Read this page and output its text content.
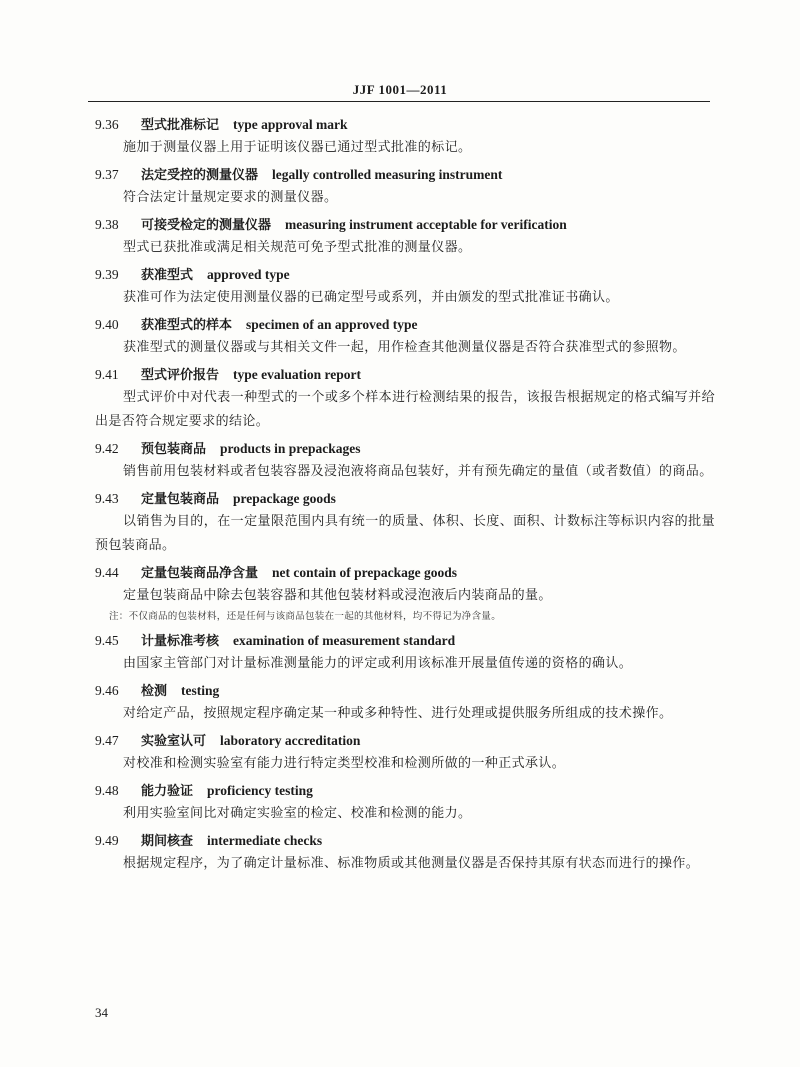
JJF 1001—2011
9.36 型式批准标记 type approval mark
施加于测量仪器上用于证明该仪器已通过型式批准的标记。
9.37 法定受控的测量仪器 legally controlled measuring instrument
符合法定计量规定要求的测量仪器。
9.38 可接受检定的测量仪器 measuring instrument acceptable for verification
型式已获批准或满足相关规范可免予型式批准的测量仪器。
9.39 获准型式 approved type
获准可作为法定使用测量仪器的已确定型号或系列，并由颁发的型式批准证书确认。
9.40 获准型式的样本 specimen of an approved type
获准型式的测量仪器或与其相关文件一起，用作检查其他测量仪器是否符合获准型式的参照物。
9.41 型式评价报告 type evaluation report
型式评价中对代表一种型式的一个或多个样本进行检测结果的报告，该报告根据规定的格式编写并给出是否符合规定要求的结论。
9.42 预包装商品 products in prepackages
销售前用包装材料或者包装容器及浸泡液将商品包装好，并有预先确定的量值（或者数值）的商品。
9.43 定量包装商品 prepackage goods
以销售为目的，在一定量限范围内具有统一的质量、体积、长度、面积、计数标注等标识内容的批量预包装商品。
9.44 定量包装商品净含量 net contain of prepackage goods
定量包装商品中除去包装容器和其他包装材料或浸泡液后内装商品的量。
注：不仅商品的包装材料，还是任何与该商品包装在一起的其他材料，均不得记为净含量。
9.45 计量标准考核 examination of measurement standard
由国家主管部门对计量标准测量能力的评定或利用该标准开展量值传递的资格的确认。
9.46 检测 testing
对给定产品，按照规定程序确定某一种或多种特性、进行处理或提供服务所组成的技术操作。
9.47 实验室认可 laboratory accreditation
对校准和检测实验室有能力进行特定类型校准和检测所做的一种正式承认。
9.48 能力验证 proficiency testing
利用实验室间比对确定实验室的检定、校准和检测的能力。
9.49 期间核查 intermediate checks
根据规定程序，为了确定计量标准、标准物质或其他测量仪器是否保持其原有状态而进行的操作。
34
